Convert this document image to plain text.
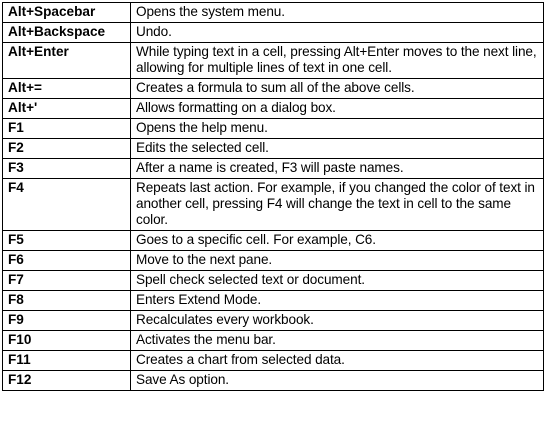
Alt+Spacebar	Opens the system menu.
Alt+Backspace	Undo.
Alt+Enter	While typing text in a cell, pressing Alt+Enter moves to the next line, allowing for multiple lines of text in one cell.
Alt+=	Creates a formula to sum all of the above cells.
Alt+'	Allows formatting on a dialog box.
F1	Opens the help menu.
F2	Edits the selected cell.
F3	After a name is created, F3 will paste names.
F4	Repeats last action. For example, if you changed the color of text in another cell, pressing F4 will change the text in cell to the same color.
F5	Goes to a specific cell. For example, C6.
F6	Move to the next pane.
F7	Spell check selected text or document.
F8	Enters Extend Mode.
F9	Recalculates every workbook.
F10	Activates the menu bar.
F11	Creates a chart from selected data.
F12	Save As option.
